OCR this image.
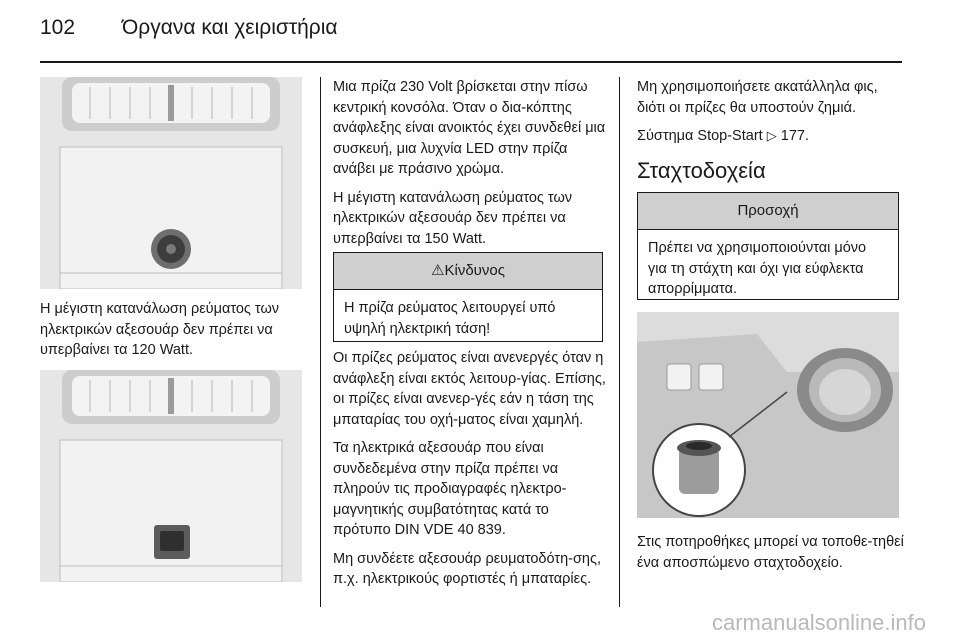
102 Όργανα και χειριστήρια
Η μέγιστη κατανάλωση ρεύματος των ηλεκτρικών αξεσουάρ δεν πρέπει να υπερβαίνει τα 120 Watt.

Μια πρίζα 230 Volt βρίσκεται στην πίσω κεντρική κονσόλα. Όταν ο δια‐κόπτης ανάφλεξης είναι ανοικτός έχει συνδεθεί μια συσκευή, μια λυχνία LED στην πρίζα ανάβει με πράσινο χρώμα.

Η μέγιστη κατανάλωση ρεύματος των ηλεκτρικών αξεσουάρ δεν πρέπει να υπερβαίνει τα 150 Watt.

⚠Κίνδυνος
Η πρίζα ρεύματος λειτουργεί υπό υψηλή ηλεκτρική τάση!

Οι πρίζες ρεύματος είναι ανενεργές όταν η ανάφλεξη είναι εκτός λειτουρ‐γίας. Επίσης, οι πρίζες είναι ανενερ‐γές εάν η τάση της μπαταρίας του οχή‐ματος είναι χαμηλή.

Τα ηλεκτρικά αξεσουάρ που είναι συνδεδεμένα στην πρίζα πρέπει να πληρούν τις προδιαγραφές ηλεκτρο‐μαγνητικής συμβατότητας κατά το πρότυπο DIN VDE 40 839.

Μη συνδέετε αξεσουάρ ρευματοδότη‐σης, π.χ. ηλεκτρικούς φορτιστές ή μπαταρίες.

Μη χρησιμοποιήσετε ακατάλληλα φις, διότι οι πρίζες θα υποστούν ζημιά.

Σύστημα Stop-Start ▷ 177.

Σταχτοδοχεία
Προσοχή
Πρέπει να χρησιμοποιούνται μόνο για τη στάχτη και όχι για εύφλεκτα απορρίμματα.
Στις ποτηροθήκες μπορεί να τοποθε‐τηθεί ένα αποσπώμενο σταχτοδοχείο.
carmanualsonline.info
